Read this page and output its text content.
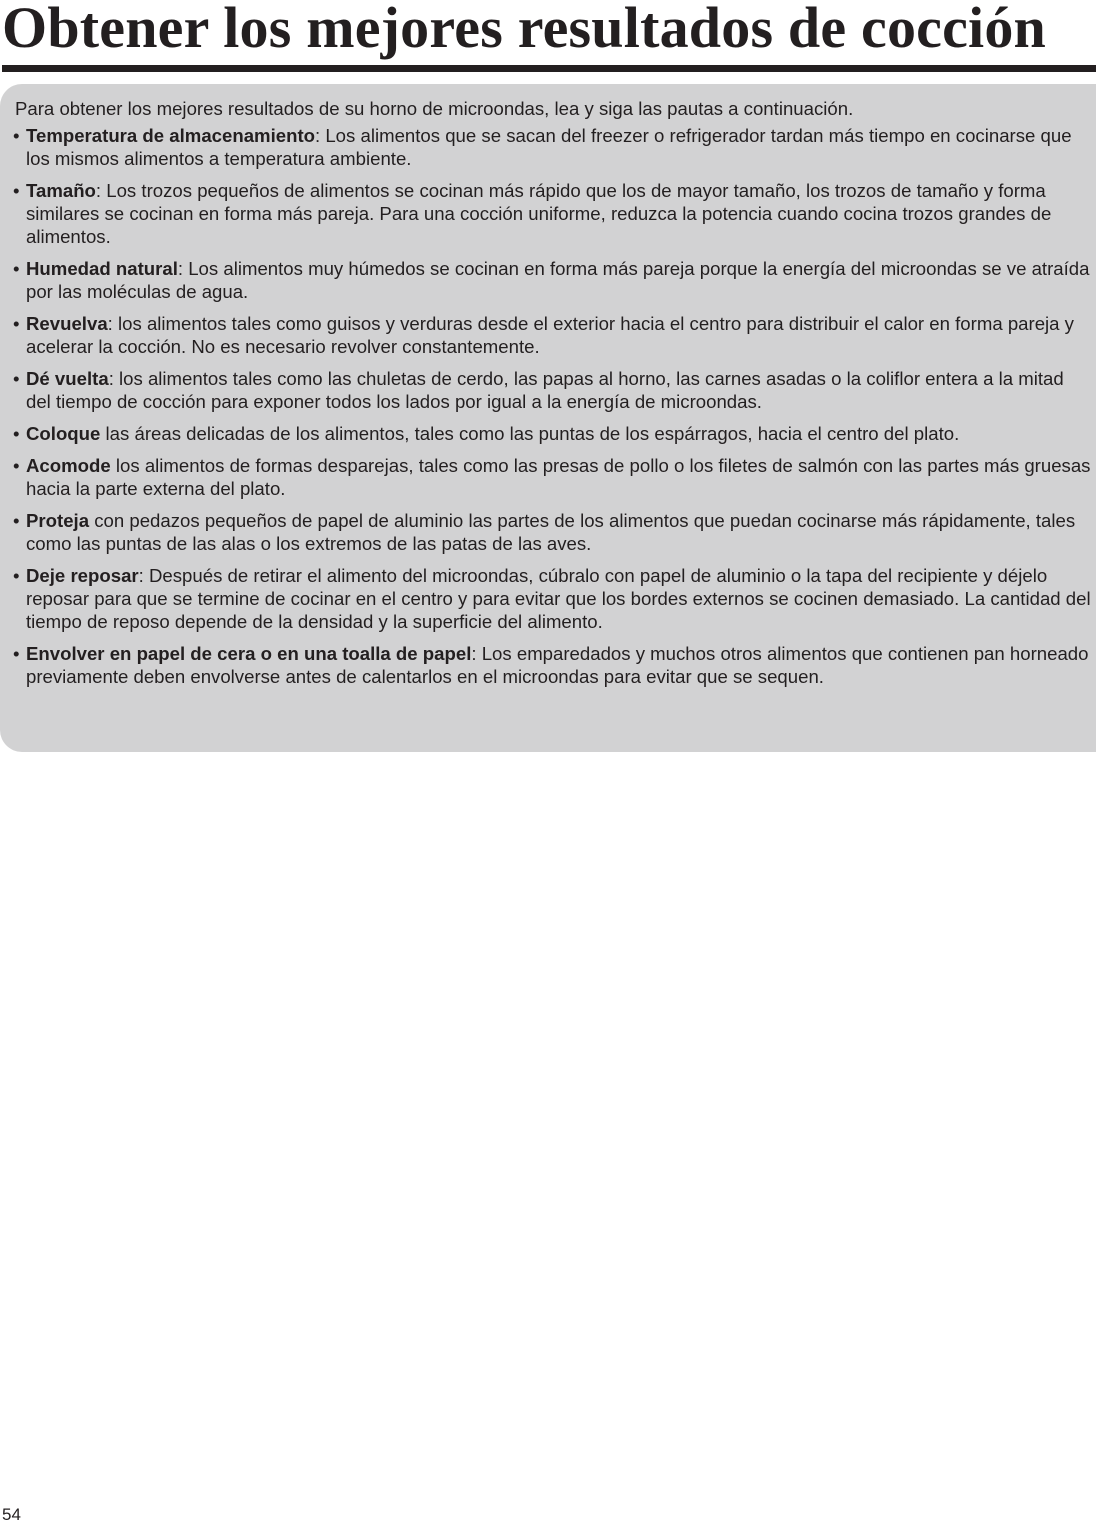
Obtener los mejores resultados de cocción

Para obtener los mejores resultados de su horno de microondas, lea y siga las pautas a continuación.

• Temperatura de almacenamiento: Los alimentos que se sacan del freezer o refrigerador tardan más tiempo en cocinarse que los mismos alimentos a temperatura ambiente.
• Tamaño: Los trozos pequeños de alimentos se cocinan más rápido que los de mayor tamaño, los trozos de tamaño y forma similares se cocinan en forma más pareja. Para una cocción uniforme, reduzca la potencia cuando cocina trozos grandes de alimentos.
• Humedad natural: Los alimentos muy húmedos se cocinan en forma más pareja porque la energía del microondas se ve atraída por las moléculas de agua.
• Revuelva: los alimentos tales como guisos y verduras desde el exterior hacia el centro para distribuir el calor en forma pareja y acelerar la cocción. No es necesario revolver constantemente.
• Dé vuelta: los alimentos tales como las chuletas de cerdo, las papas al horno, las carnes asadas o la coliflor entera a la mitad del tiempo de cocción para exponer todos los lados por igual a la energía de microondas.
• Coloque las áreas delicadas de los alimentos, tales como las puntas de los espárragos, hacia el centro del plato.
• Acomode los alimentos de formas desparejas, tales como las presas de pollo o los filetes de salmón con las partes más gruesas hacia la parte externa del plato.
• Proteja con pedazos pequeños de papel de aluminio las partes de los alimentos que puedan cocinarse más rápidamente, tales como las puntas de las alas o los extremos de las patas de las aves.
• Deje reposar: Después de retirar el alimento del microondas, cúbralo con papel de aluminio o la tapa del recipiente y déjelo reposar para que se termine de cocinar en el centro y para evitar que los bordes externos se cocinen demasiado. La cantidad del tiempo de reposo depende de la densidad y la superficie del alimento.
• Envolver en papel de cera o en una toalla de papel: Los emparedados y muchos otros alimentos que contienen pan horneado previamente deben envolverse antes de calentarlos en el microondas para evitar que se sequen.
54
